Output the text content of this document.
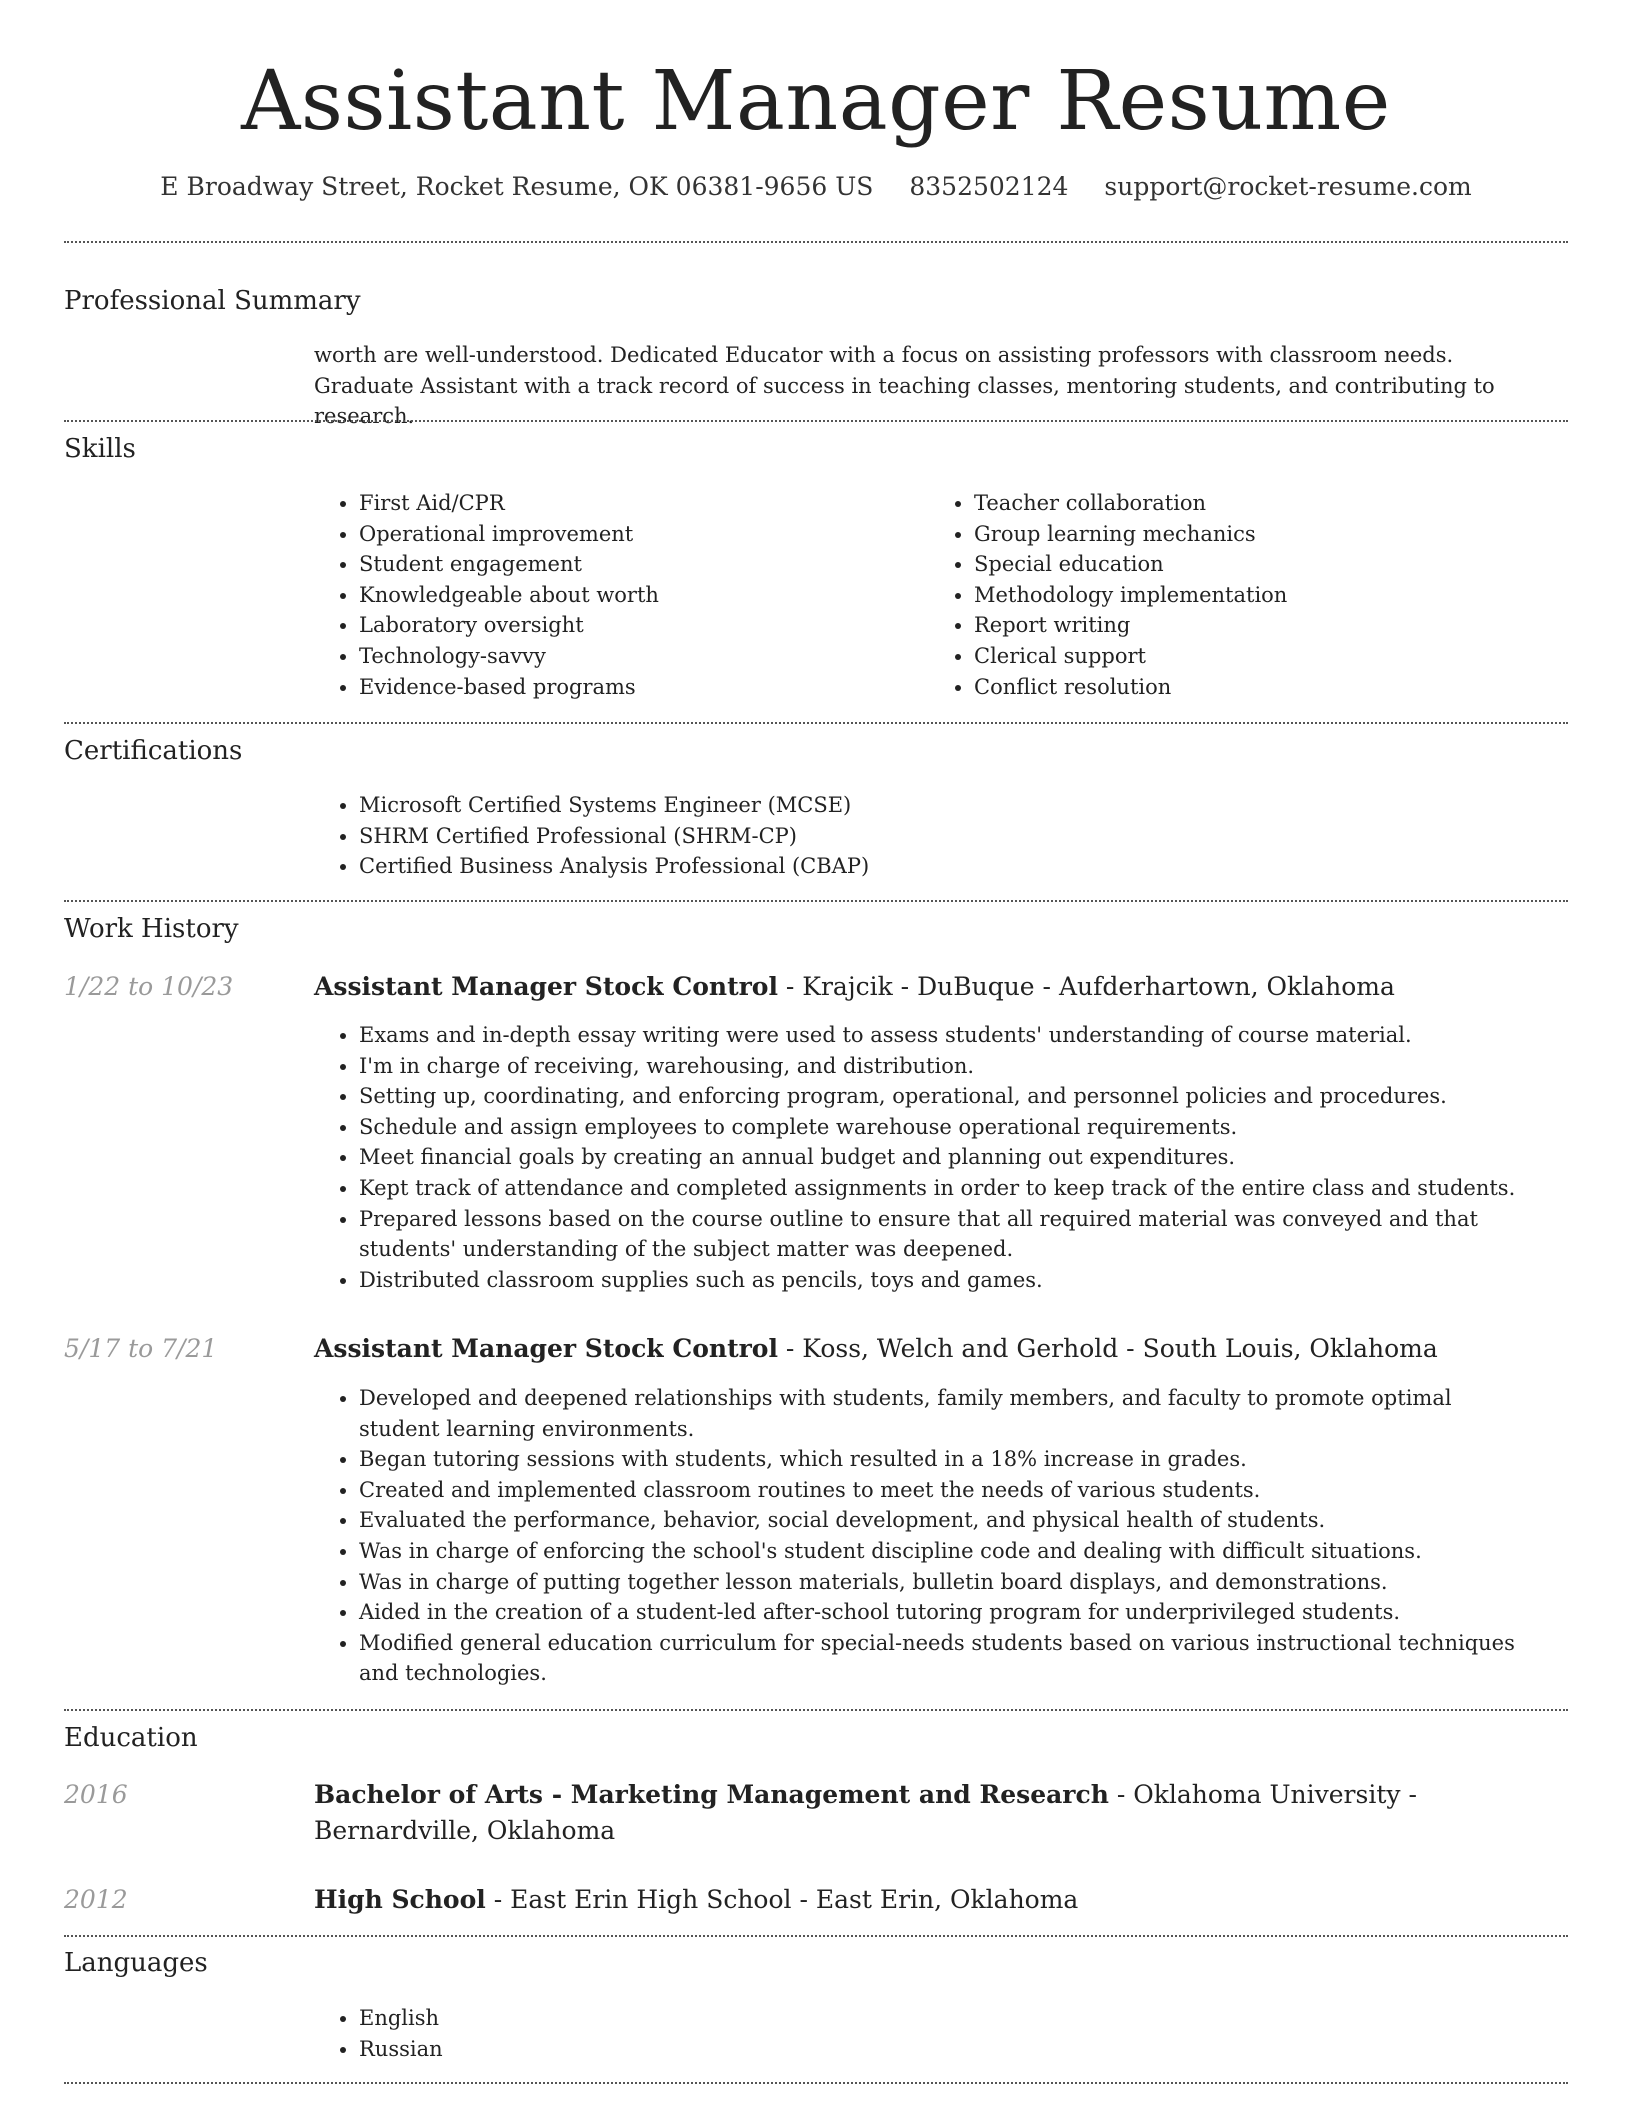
Assistant Manager Resume
E Broadway Street, Rocket Resume, OK 06381-9656 US 8352502124 support@rocket-resume.com
Professional Summary
worth are well-understood. Dedicated Educator with a focus on assisting professors with classroom needs. Graduate Assistant with a track record of success in teaching classes, mentoring students, and contributing to research.
Skills
• First Aid/CPR
• Operational improvement
• Student engagement
• Knowledgeable about worth
• Laboratory oversight
• Technology-savvy
• Evidence-based programs
• Teacher collaboration
• Group learning mechanics
• Special education
• Methodology implementation
• Report writing
• Clerical support
• Conflict resolution
Certifications
• Microsoft Certified Systems Engineer (MCSE)
• SHRM Certified Professional (SHRM-CP)
• Certified Business Analysis Professional (CBAP)
Work History
1/22 to 10/23	Assistant Manager Stock Control - Krajcik - DuBuque - Aufderhartown, Oklahoma
• Exams and in-depth essay writing were used to assess students' understanding of course material.
• I'm in charge of receiving, warehousing, and distribution.
• Setting up, coordinating, and enforcing program, operational, and personnel policies and procedures.
• Schedule and assign employees to complete warehouse operational requirements.
• Meet financial goals by creating an annual budget and planning out expenditures.
• Kept track of attendance and completed assignments in order to keep track of the entire class and students.
• Prepared lessons based on the course outline to ensure that all required material was conveyed and that students' understanding of the subject matter was deepened.
• Distributed classroom supplies such as pencils, toys and games.
5/17 to 7/21	Assistant Manager Stock Control - Koss, Welch and Gerhold - South Louis, Oklahoma
• Developed and deepened relationships with students, family members, and faculty to promote optimal student learning environments.
• Began tutoring sessions with students, which resulted in a 18% increase in grades.
• Created and implemented classroom routines to meet the needs of various students.
• Evaluated the performance, behavior, social development, and physical health of students.
• Was in charge of enforcing the school's student discipline code and dealing with difficult situations.
• Was in charge of putting together lesson materials, bulletin board displays, and demonstrations.
• Aided in the creation of a student-led after-school tutoring program for underprivileged students.
• Modified general education curriculum for special-needs students based on various instructional techniques and technologies.
Education
2016	Bachelor of Arts - Marketing Management and Research - Oklahoma University - Bernardville, Oklahoma
2012	High School - East Erin High School - East Erin, Oklahoma
Languages
• English
• Russian
